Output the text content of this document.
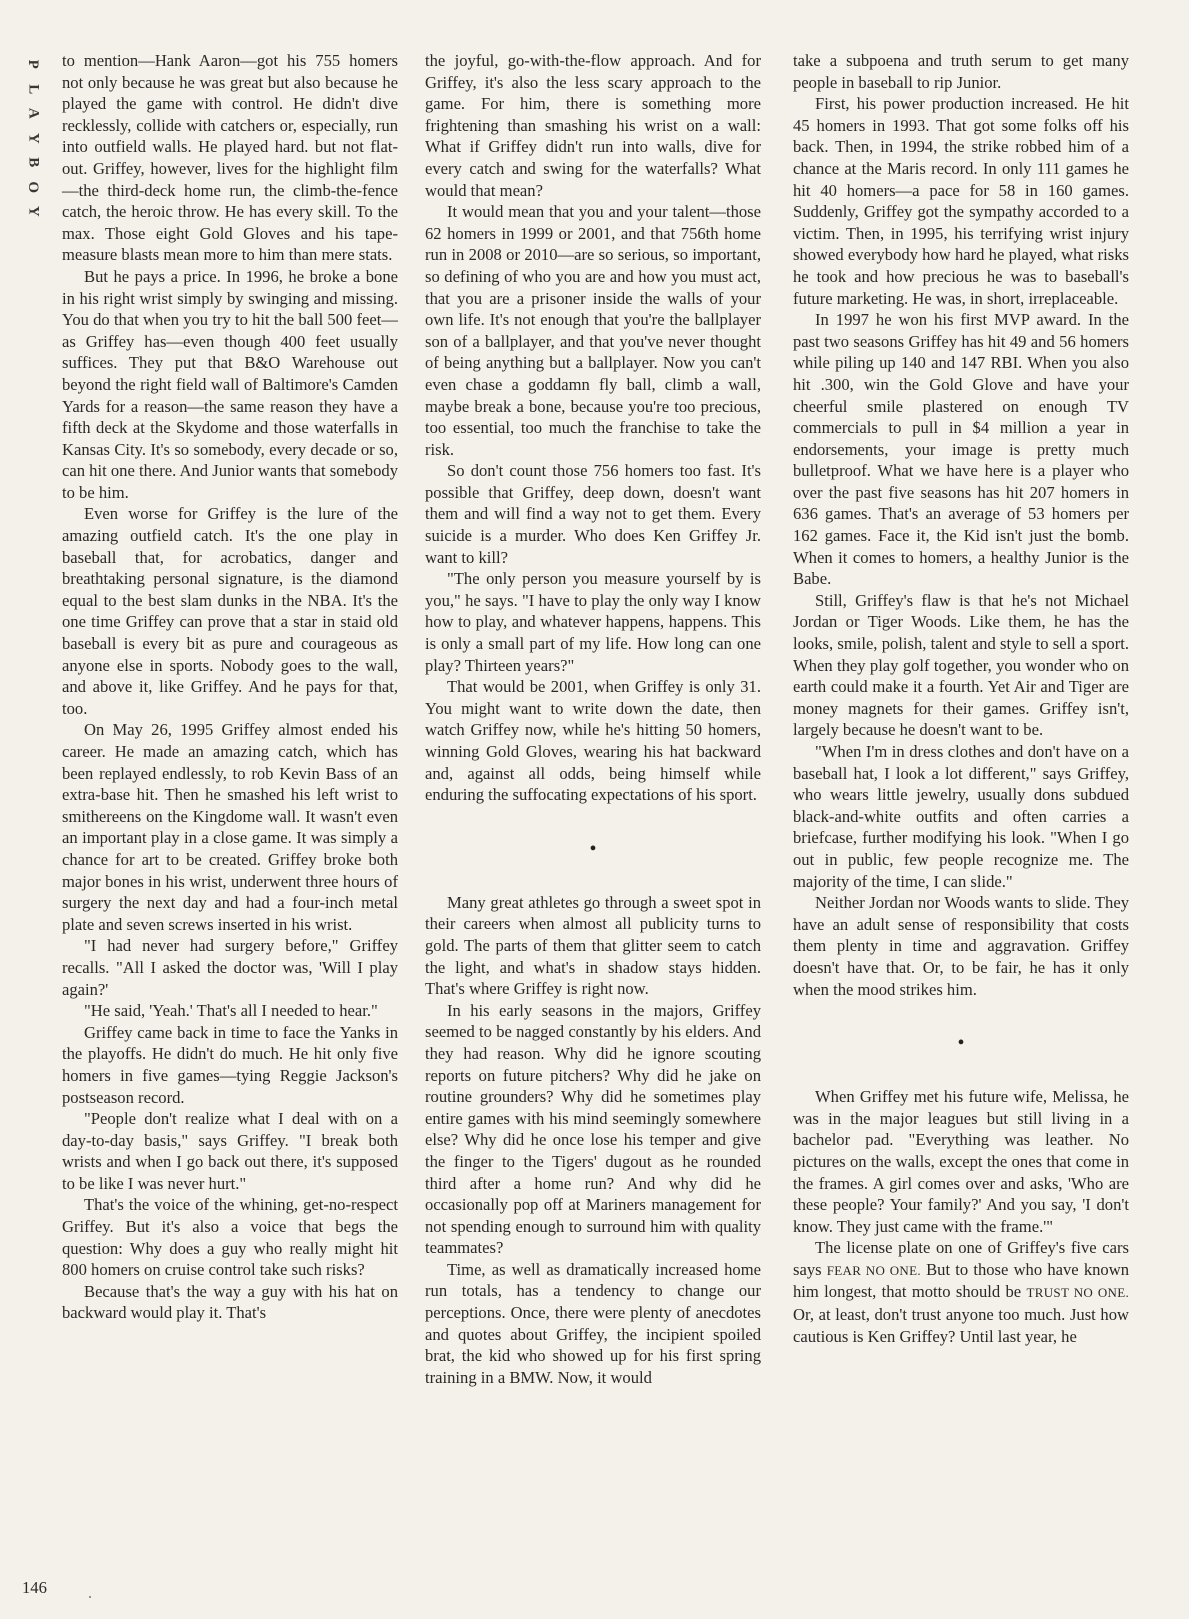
P
L
A
Y
B
O
Y

to mention—Hank Aaron—got his 755 homers not only because he was great but also because he played the game with control. He didn't dive recklessly, collide with catchers or, especially, run into outfield walls. He played hard. but not flat-out. Griffey, however, lives for the highlight film—the third-deck home run, the climb-the-fence catch, the heroic throw. He has every skill. To the max. Those eight Gold Gloves and his tape-measure blasts mean more to him than mere stats.

But he pays a price. In 1996, he broke a bone in his right wrist simply by swinging and missing. You do that when you try to hit the ball 500 feet—as Griffey has—even though 400 feet usually suffices. They put that B&O Warehouse out beyond the right field wall of Baltimore's Camden Yards for a reason—the same reason they have a fifth deck at the Skydome and those waterfalls in Kansas City. It's so somebody, every decade or so, can hit one there. And Junior wants that somebody to be him.

Even worse for Griffey is the lure of the amazing outfield catch. It's the one play in baseball that, for acrobatics, danger and breathtaking personal signature, is the diamond equal to the best slam dunks in the NBA. It's the one time Griffey can prove that a star in staid old baseball is every bit as pure and courageous as anyone else in sports. Nobody goes to the wall, and above it, like Griffey. And he pays for that, too.

On May 26, 1995 Griffey almost ended his career. He made an amazing catch, which has been replayed endlessly, to rob Kevin Bass of an extra-base hit. Then he smashed his left wrist to smithereens on the Kingdome wall. It wasn't even an important play in a close game. It was simply a chance for art to be created. Griffey broke both major bones in his wrist, underwent three hours of surgery the next day and had a four-inch metal plate and seven screws inserted in his wrist.

"I had never had surgery before," Griffey recalls. "All I asked the doctor was, 'Will I play again?'

"He said, 'Yeah.' That's all I needed to hear."

Griffey came back in time to face the Yanks in the playoffs. He didn't do much. He hit only five homers in five games—tying Reggie Jackson's postseason record.

"People don't realize what I deal with on a day-to-day basis," says Griffey. "I break both wrists and when I go back out there, it's supposed to be like I was never hurt."

That's the voice of the whining, get-no-respect Griffey. But it's also a voice that begs the question: Why does a guy who really might hit 800 homers on cruise control take such risks?

Because that's the way a guy with his hat on backward would play it. That's

the joyful, go-with-the-flow approach. And for Griffey, it's also the less scary approach to the game. For him, there is something more frightening than smashing his wrist on a wall: What if Griffey didn't run into walls, dive for every catch and swing for the waterfalls? What would that mean?

It would mean that you and your talent—those 62 homers in 1999 or 2001, and that 756th home run in 2008 or 2010—are so serious, so important, so defining of who you are and how you must act, that you are a prisoner inside the walls of your own life. It's not enough that you're the ballplayer son of a ballplayer, and that you've never thought of being anything but a ballplayer. Now you can't even chase a goddamn fly ball, climb a wall, maybe break a bone, because you're too precious, too essential, too much the franchise to take the risk.

So don't count those 756 homers too fast. It's possible that Griffey, deep down, doesn't want them and will find a way not to get them. Every suicide is a murder. Who does Ken Griffey Jr. want to kill?

"The only person you measure yourself by is you," he says. "I have to play the only way I know how to play, and whatever happens, happens. This is only a small part of my life. How long can one play? Thirteen years?"

That would be 2001, when Griffey is only 31. You might want to write down the date, then watch Griffey now, while he's hitting 50 homers, winning Gold Gloves, wearing his hat backward and, against all odds, being himself while enduring the suffocating expectations of his sport.

•

Many great athletes go through a sweet spot in their careers when almost all publicity turns to gold. The parts of them that glitter seem to catch the light, and what's in shadow stays hidden. That's where Griffey is right now.

In his early seasons in the majors, Griffey seemed to be nagged constantly by his elders. And they had reason. Why did he ignore scouting reports on future pitchers? Why did he jake on routine grounders? Why did he sometimes play entire games with his mind seemingly somewhere else? Why did he once lose his temper and give the finger to the Tigers' dugout as he rounded third after a home run? And why did he occasionally pop off at Mariners management for not spending enough to surround him with quality teammates?

Time, as well as dramatically increased home run totals, has a tendency to change our perceptions. Once, there were plenty of anecdotes and quotes about Griffey, the incipient spoiled brat, the kid who showed up for his first spring training in a BMW. Now, it would

take a subpoena and truth serum to get many people in baseball to rip Junior.

First, his power production increased. He hit 45 homers in 1993. That got some folks off his back. Then, in 1994, the strike robbed him of a chance at the Maris record. In only 111 games he hit 40 homers—a pace for 58 in 160 games. Suddenly, Griffey got the sympathy accorded to a victim. Then, in 1995, his terrifying wrist injury showed everybody how hard he played, what risks he took and how precious he was to baseball's future marketing. He was, in short, irreplaceable.

In 1997 he won his first MVP award. In the past two seasons Griffey has hit 49 and 56 homers while piling up 140 and 147 RBI. When you also hit .300, win the Gold Glove and have your cheerful smile plastered on enough TV commercials to pull in $4 million a year in endorsements, your image is pretty much bulletproof. What we have here is a player who over the past five seasons has hit 207 homers in 636 games. That's an average of 53 homers per 162 games. Face it, the Kid isn't just the bomb. When it comes to homers, a healthy Junior is the Babe.

Still, Griffey's flaw is that he's not Michael Jordan or Tiger Woods. Like them, he has the looks, smile, polish, talent and style to sell a sport. When they play golf together, you wonder who on earth could make it a fourth. Yet Air and Tiger are money magnets for their games. Griffey isn't, largely because he doesn't want to be.

"When I'm in dress clothes and don't have on a baseball hat, I look a lot different," says Griffey, who wears little jewelry, usually dons subdued black-and-white outfits and often carries a briefcase, further modifying his look. "When I go out in public, few people recognize me. The majority of the time, I can slide."

Neither Jordan nor Woods wants to slide. They have an adult sense of responsibility that costs them plenty in time and aggravation. Griffey doesn't have that. Or, to be fair, he has it only when the mood strikes him.

•

When Griffey met his future wife, Melissa, he was in the major leagues but still living in a bachelor pad. "Everything was leather. No pictures on the walls, except the ones that come in the frames. A girl comes over and asks, 'Who are these people? Your family?' And you say, 'I don't know. They just came with the frame.'"

The license plate on one of Griffey's five cars says FEAR NO ONE. But to those who have known him longest, that motto should be TRUST NO ONE. Or, at least, don't trust anyone too much. Just how cautious is Ken Griffey? Until last year, he

146
